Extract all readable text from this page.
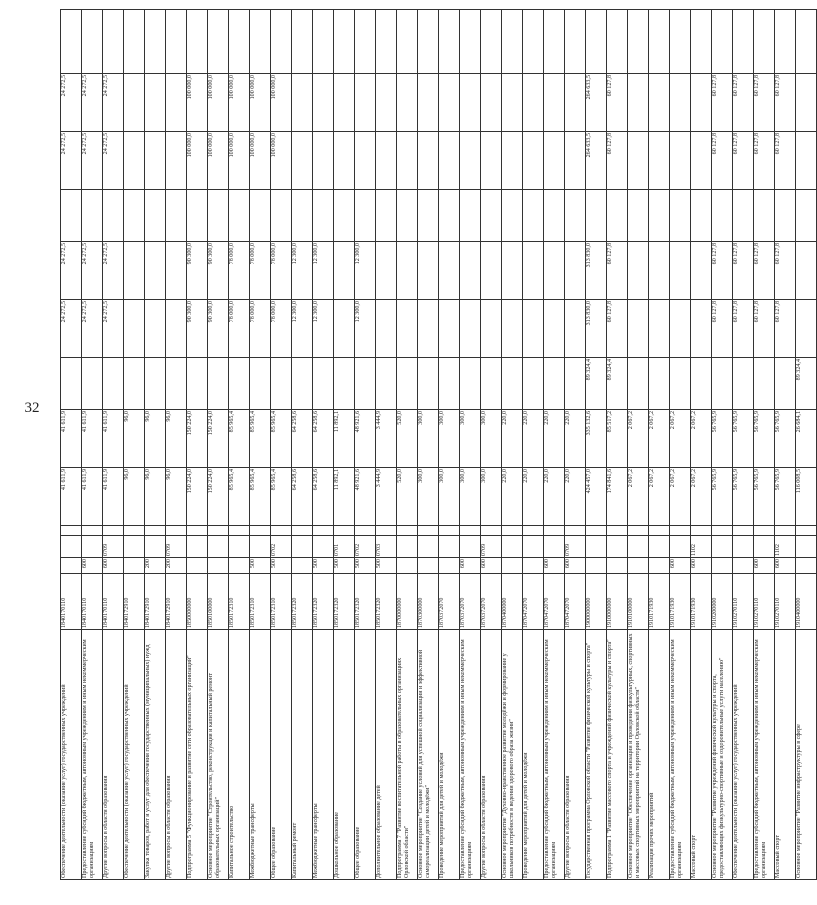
32
Обеспечение деятельности (оказание услуг) государственных учреждений	1840170110				41 611,9	41 611,9		24 272,5	24 272,5		24 272,5	24 272,5	
Предоставление субсидий бюджетным, автономным учреждениям и иным некоммерческим организациям	1840170110	600			41 611,9	41 611,9		24 272,5	24 272,5		24 272,5	24 272,5	
Другие вопросы в области образования	1840170110	600	0709		41 611,9	41 611,9		24 272,5	24 272,5		24 272,5	24 272,5	
Обеспечение деятельности (оказание услуг) государственных учреждений	1840172910				96,0	96,0							
Закупка товаров, работ и услуг для обеспечения государственных (муниципальных) нужд	1840172910	200			96,0	96,0							
Другие вопросы в области образования	1840172910	200	0709		96,0	96,0							
Подпрограмма 5 "Функционирование и развитие сети образовательных организаций"	1850000000				150 224,0	150 224,0		90 300,0	90 300,0		100 000,0	100 000,0	
Основное мероприятие "Строительство, реконструкция и капитальный ремонт образовательных организаций"	1850100000				150 224,0	150 224,0		90 300,0	90 300,0		100 000,0	100 000,0	
Капитальное строительство	1850172310				85 965,4	85 965,4		78 000,0	78 000,0		100 000,0	100 000,0	
Межбюджетные трансферты	1850172310	500			85 965,4	85 965,4		78 000,0	78 000,0		100 000,0	100 000,0	
Общее образование	1850172310	500	0702		85 965,4	85 965,4		78 000,0	78 000,0		100 000,0	100 000,0	
Капитальный ремонт	1850172320				64 258,6	64 258,6		12 300,0	12 300,0				
Межбюджетные трансферты	1850172320	500			64 258,6	64 258,6		12 300,0	12 300,0				
Дошкольное образование	1850172320	500	0701		11 892,1	11 892,1							
Общее образование	1850172320	500	0702		48 921,6	48 921,6		12 300,0	12 300,0				
Дополнительное образование детей	1850172320	500	0703		3 444,9	3 444,9							
Подпрограмма 7 "Развитие воспитательной работы в образовательных организациях Орловской области"	1870000000				520,0	520,0							
Основное мероприятие "Создание условий для успешной социализации и эффективной самореализации детей и молодёжи"	1870300000				300,0	300,0							
Проведение мероприятий для детей и молодёжи	1870372070				300,0	300,0							
Предоставление субсидий бюджетным, автономным учреждениям и иным некоммерческим организациям	1870372070	600			300,0	300,0							
Другие вопросы в области образования	1870372070	600	0709		300,0	300,0							
Основное мероприятие "Духовно-нравственное развитие молодёжи и формирование у школьников потребности в ведении здорового образа жизни"	1870400000				220,0	220,0							
Проведение мероприятий для детей и молодёжи	1870472070				220,0	220,0							
Предоставление субсидий бюджетным, автономным учреждениям и иным некоммерческим организациям	1870472070	600			220,0	220,0							
Другие вопросы в области образования	1870472070	600	0709		220,0	220,0							
Государственная программа Орловской области "Развитие физической культуры и спорта"	1900000000				424 457,0	335 132,6	89 324,4	313 830,0	313 830,0		264 633,5	264 633,5	
Подпрограмма 1 "Развитие массового спорта и учреждений физической культуры и спорта"	1910000000				174 841,6	85 517,2	89 324,4	60 127,8	60 127,8		60 127,8	60 127,8	
Основное мероприятие "Обеспечение организации и проведения физкультурных, спортивных и массовых спортивных мероприятий на территории Орловской области"	1910100000				2 067,2	2 067,2							
Реализация прочих мероприятий	1910171930				2 067,2	2 067,2							
Предоставление субсидий бюджетным, автономным учреждениям и иным некоммерческим организациям	1910171930	600			2 067,2	2 067,2							
Массовый спорт	1910171930	600	1102		2 067,2	2 067,2							
Основное мероприятие "Развитие учреждений физической культуры и спорта, предоставляющих физкультурно-спортивные и оздоровительные услуги населению"	1910200000				56 765,9	56 765,9		60 127,8	60 127,8		60 127,8	60 127,8	
Обеспечение деятельности (оказание услуг) государственных учреждений	1910270110				56 765,9	56 765,9		60 127,8	60 127,8		60 127,8	60 127,8	
Предоставление субсидий бюджетным, автономным учреждениям и иным некоммерческим организациям	1910270110	600			56 765,9	56 765,9		60 127,8	60 127,8		60 127,8	60 127,8	
Массовый спорт	1910270110	600	1102		56 765,9	56 765,9		60 127,8	60 127,8		60 127,8	60 127,8	
Основное мероприятие "Развитие инфраструктуры в сфере	1910400000				116 008,5	26 684,1	89 324,4						
